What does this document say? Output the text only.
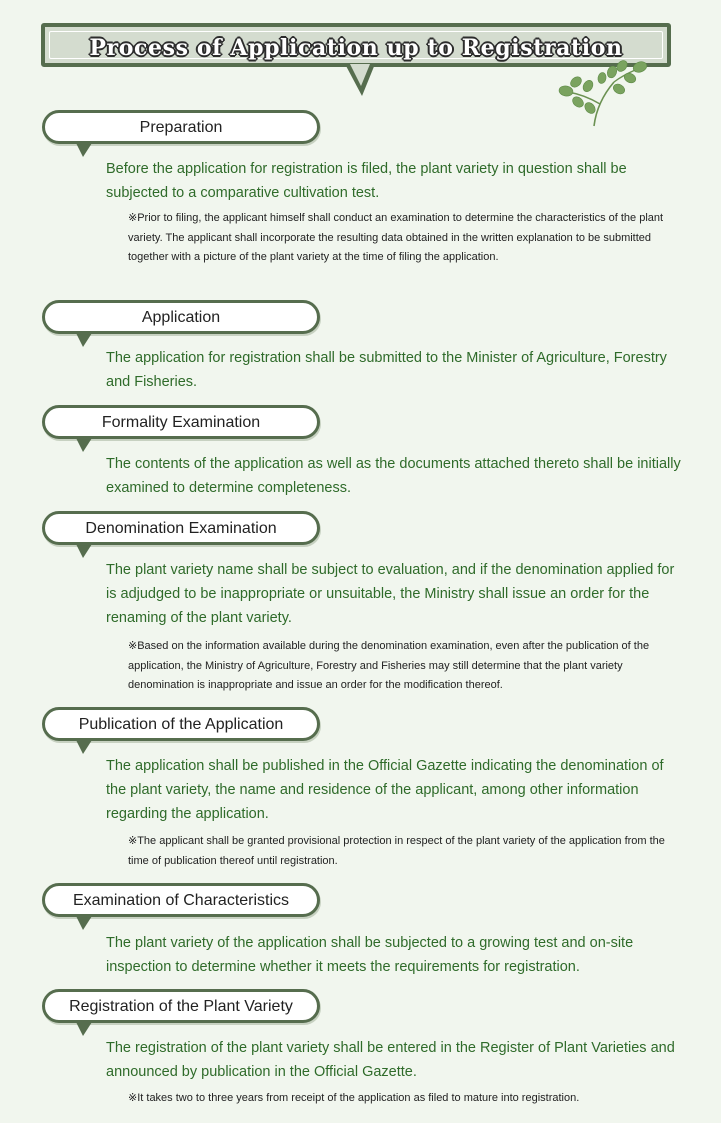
Process of Application up to Registration
Preparation

Before the application for registration is filed, the plant variety in question shall be subjected to a comparative cultivation test.

※Prior to filing, the applicant himself shall conduct an examination to determine the characteristics of the plant variety. The applicant shall incorporate the resulting data obtained in the written explanation to be submitted together with a picture of the plant variety at the time of filing the application.

Application

The application for registration shall be submitted to the Minister of Agriculture, Forestry and Fisheries.

Formality Examination

The contents of the application as well as the documents attached thereto shall be initially examined to determine completeness.

Denomination Examination

The plant variety name shall be subject to evaluation, and if the denomination applied for is adjudged to be inappropriate or unsuitable, the Ministry shall issue an order for the renaming of the plant variety.

※Based on the information available during the denomination examination, even after the publication of the application, the Ministry of Agriculture, Forestry and Fisheries may still determine that the plant variety denomination is inappropriate and issue an order for the modification thereof.

Publication of the Application

The application shall be published in the Official Gazette indicating the denomination of the plant variety, the name and residence of the applicant, among other information regarding the application.

※The applicant shall be granted provisional protection in respect of the plant variety of the application from the time of publication thereof until registration.

Examination of Characteristics

The plant variety of the application shall be subjected to a growing test and on-site inspection to determine whether it meets the requirements for registration.

Registration of the Plant Variety

The registration of the plant variety shall be entered in the Register of Plant Varieties and announced by publication in the Official Gazette.

※It takes two to three years from receipt of the application as filed to mature into registration.
